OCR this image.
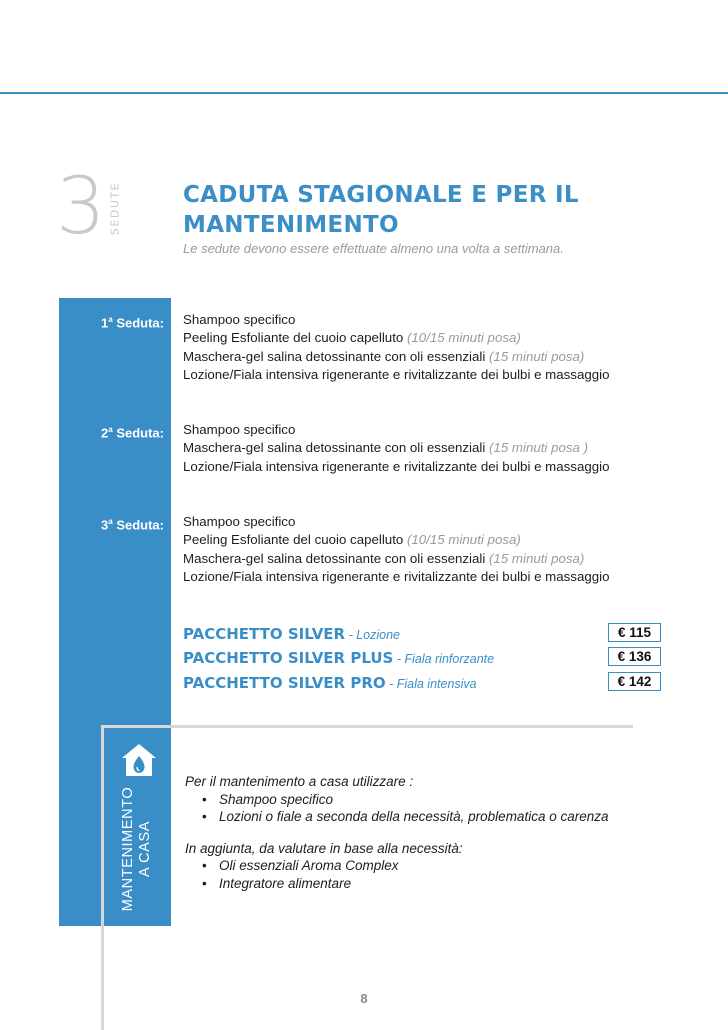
3 SEDUTE	CADUTA STAGIONALE E PER IL MANTENIMENTO
Le sedute devono essere effettuate almeno una volta a settimana.
1$^a$ Seduta: Shampoo specifico
Peeling Esfoliante del cuoio capelluto (10/15 minuti posa)
Maschera-gel salina detossinante con oli essenziali (15 minuti posa)
Lozione/Fiala intensiva rigenerante e rivitalizzante dei bulbi e massaggio
2$^a$ Seduta: Shampoo specifico
Maschera-gel salina detossinante con oli essenziali (15 minuti posa )
Lozione/Fiala intensiva rigenerante e rivitalizzante dei bulbi e massaggio
3$^a$ Seduta: Shampoo specifico
Peeling Esfoliante del cuoio capelluto (10/15 minuti posa)
Maschera-gel salina detossinante con oli essenziali (15 minuti posa)
Lozione/Fiala intensiva rigenerante e rivitalizzante dei bulbi e massaggio
PACCHETTO SILVER - Lozione	€ 115
PACCHETTO SILVER PLUS - Fiala rinforzante	€ 136
PACCHETTO SILVER PRO - Fiala intensiva	€ 142
MANTENIMENTO A CASA
Per il mantenimento a casa utilizzare :
• Shampoo specifico
• Lozioni o fiale a seconda della necessità, problematica o carenza
In aggiunta, da valutare in base alla necessità:
• Oli essenziali Aroma Complex
• Integratore alimentare
8
